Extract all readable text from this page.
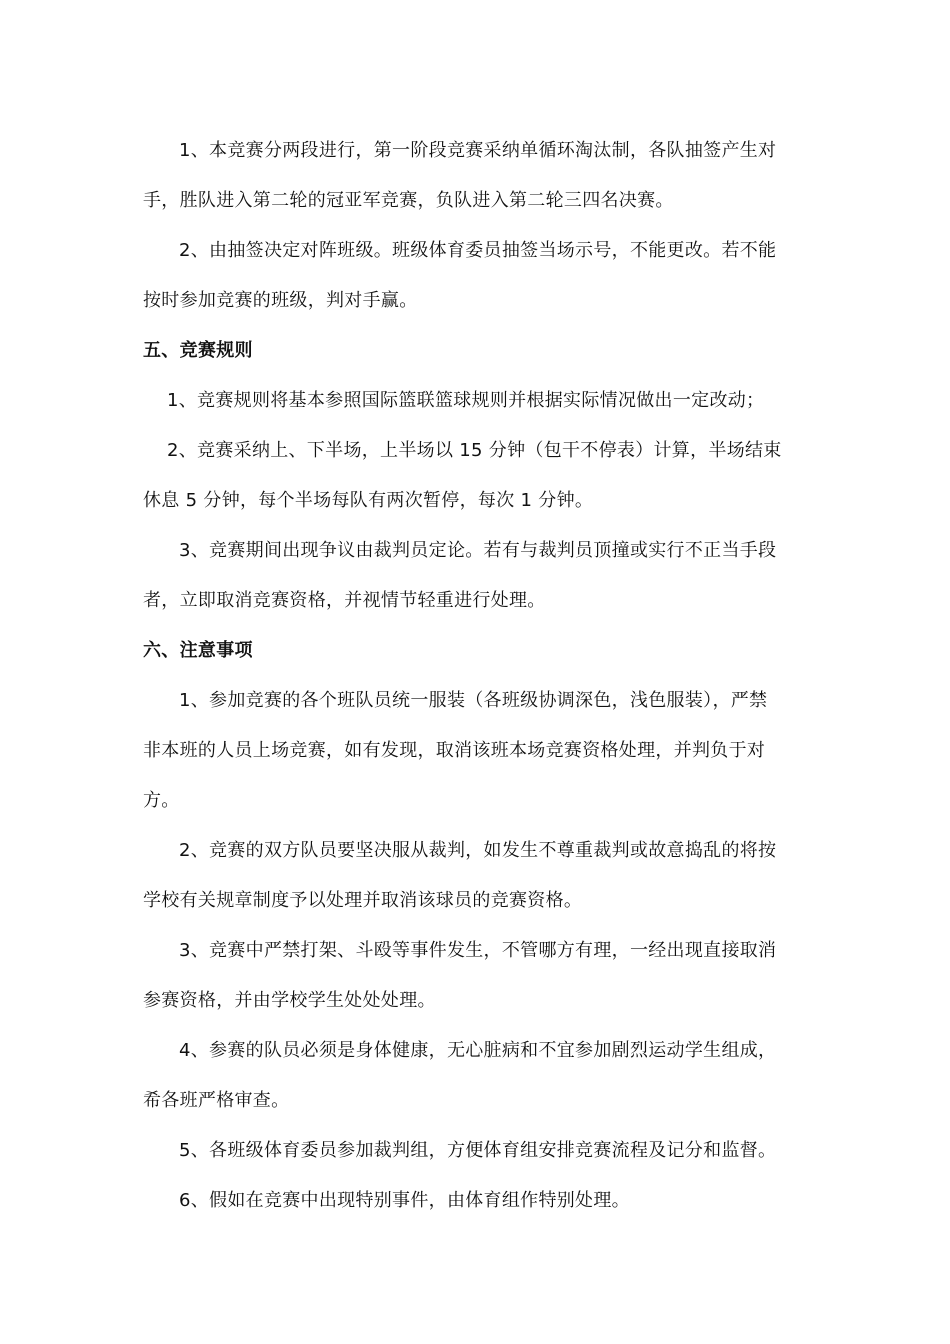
1、本竞赛分两段进行，第一阶段竞赛采纳单循环淘汰制，各队抽签产生对
手，胜队进入第二轮的冠亚军竞赛，负队进入第二轮三四名决赛。
2、由抽签决定对阵班级。班级体育委员抽签当场示号，不能更改。若不能
按时参加竞赛的班级，判对手赢。
五、竞赛规则
1、竞赛规则将基本参照国际篮联篮球规则并根据实际情况做出一定改动；
2、竞赛采纳上、下半场，上半场以 15 分钟（包干不停表）计算，半场结束
休息 5 分钟，每个半场每队有两次暂停，每次 1 分钟。
3、竞赛期间出现争议由裁判员定论。若有与裁判员顶撞或实行不正当手段
者，立即取消竞赛资格，并视情节轻重进行处理。
六、注意事项
1、参加竞赛的各个班队员统一服装（各班级协调深色，浅色服装），严禁
非本班的人员上场竞赛，如有发现，取消该班本场竞赛资格处理，并判负于对
方。
2、竞赛的双方队员要坚决服从裁判，如发生不尊重裁判或故意捣乱的将按
学校有关规章制度予以处理并取消该球员的竞赛资格。
3、竞赛中严禁打架、斗殴等事件发生，不管哪方有理，一经出现直接取消
参赛资格，并由学校学生处处处理。
4、参赛的队员必须是身体健康，无心脏病和不宜参加剧烈运动学生组成，
希各班严格审查。
5、各班级体育委员参加裁判组，方便体育组安排竞赛流程及记分和监督。
6、假如在竞赛中出现特别事件，由体育组作特别处理。
